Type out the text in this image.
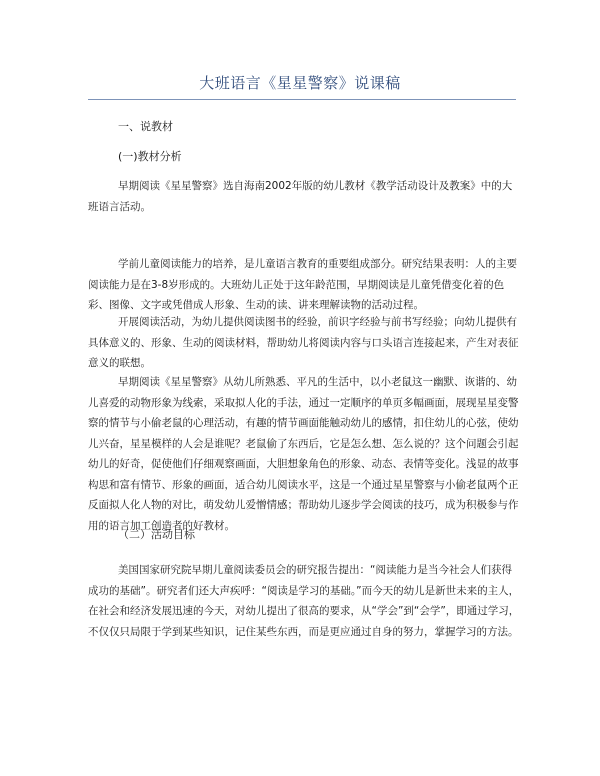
大班语言《星星警察》说课稿
一、说教材
(一)教材分析

早期阅读《星星警察》选自海南2002年版的幼儿教材《教学活动设计及教案》中的大班语言活动。

学前儿童阅读能力的培养，是儿童语言教育的重要组成部分。研究结果表明：人的主要阅读能力是在3-8岁形成的。大班幼儿正处于这年龄范围，早期阅读是儿童凭借变化着的色彩、图像、文字或凭借成人形象、生动的读、讲来理解读物的活动过程。

开展阅读活动，为幼儿提供阅读图书的经验，前识字经验与前书写经验；向幼儿提供有具体意义的、形象、生动的阅读材料，帮助幼儿将阅读内容与口头语言连接起来，产生对表征意义的联想。

早期阅读《星星警察》从幼儿所熟悉、平凡的生活中，以小老鼠这一幽默、诙谐的、幼儿喜爱的动物形象为线索，采取拟人化的手法，通过一定顺序的单页多幅画面，展现星星变警察的情节与小偷老鼠的心理活动，有趣的情节画面能触动幼儿的感情，扣住幼儿的心弦，使幼儿兴奋，星星模样的人会是谁呢？老鼠偷了东西后，它是怎么想、怎么说的？这个问题会引起幼儿的好奇，促使他们仔细观察画面，大胆想象角色的形象、动态、表情等变化。浅显的故事构思和富有情节、形象的画面，适合幼儿阅读水平，这是一个通过星星警察与小偷老鼠两个正反面拟人化人物的对比，萌发幼儿爱憎情感；帮助幼儿逐步学会阅读的技巧，成为积极参与作用的语言加工创造者的好教材。

（二）活动目标

美国国家研究院早期儿童阅读委员会的研究报告提出：“阅读能力是当今社会人们获得成功的基础”。研究者们还大声疾呼：“阅读是学习的基础。”而今天的幼儿是新世未来的主人，在社会和经济发展迅速的今天，对幼儿提出了很高的要求，从“学会”到“会学”，即通过学习，不仅仅只局限于学到某些知识，记住某些东西，而是更应通过自身的努力，掌握学习的方法。
